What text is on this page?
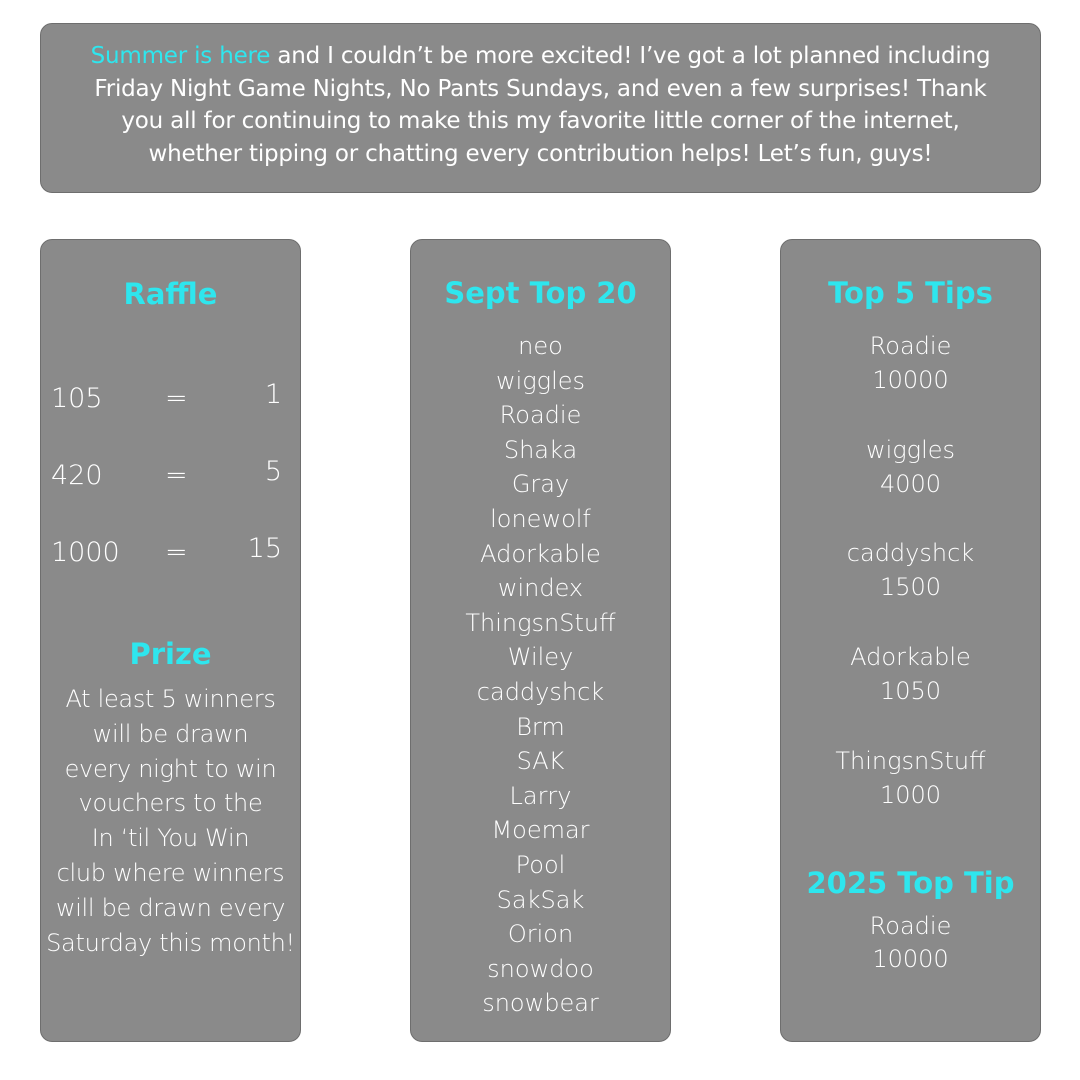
Summer is here and I couldn’t be more excited! I’ve got a lot planned including Friday Night Game Nights, No Pants Sundays, and even a few surprises! Thank you all for continuing to make this my favorite little corner of the internet, whether tipping or chatting every contribution helps! Let’s fun, guys!
Raffle
105 =	1
420 =	5
1000 = 15
Prize
At least 5 winners
will be drawn
every night to win
vouchers to the
In ‘til You Win
club where winners
will be drawn every
Saturday this month!
Sept Top 20
neo
wiggles
Roadie
Shaka
Gray
lonewolf
Adorkable
windex
ThingsnStuff
Wiley
caddyshck
Brm
SAK
Larry
Moemar
Pool
SakSak
Orion
snowdoo
snowbear
Top 5 Tips
Roadie
10000
wiggles
4000
caddyshck
1500
Adorkable
1050
ThingsnStuff
1000
2025 Top Tip
Roadie
10000
